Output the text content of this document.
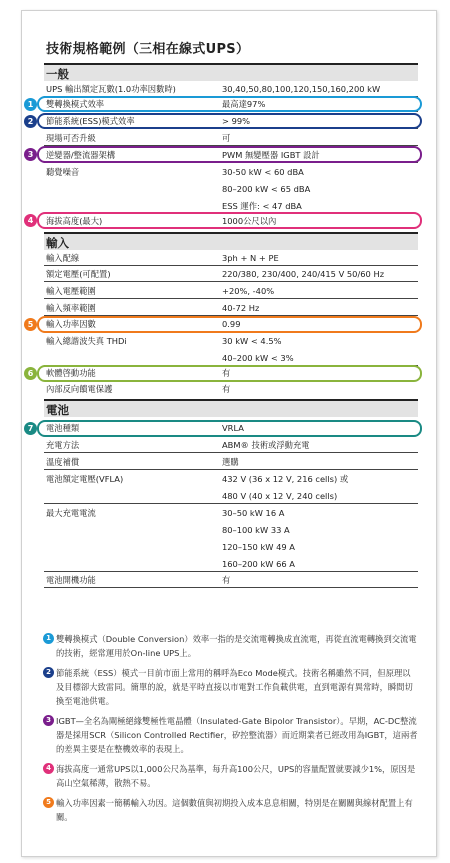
技術規格範例（三相在線式UPS）
一般
UPS 輸出額定瓦數(1.0功率因數時)	30,40,50,80,100,120,150,160,200 kW
雙轉換模式效率	最高達97%
節能系統(ESS)模式效率	> 99%
現場可否升級	可
逆變器/整流器架構	PWM 無變壓器 IGBT 設計
聽覺噪音	30-50 kW < 60 dBA
80–200 kW < 65 dBA
ESS 運作: < 47 dBA
海拔高度(最大)	1000公尺以內
輸入
輸入配線	3ph + N + PE
額定電壓(可配置)	220/380, 230/400, 240/415 V 50/60 Hz
輸入電壓範圍	+20%, -40%
輸入頻率範圍	40-72 Hz
輸入功率因數	0.99
輸入總諧波失真 THDi	30 kW < 4.5%
40–200 kW < 3%
軟體啓動功能	有
內部反向饋電保護	有
電池
電池種類	VRLA
充電方法	ABM® 技術或浮動充電
溫度補償	選購
電池額定電壓(VFLA)	432 V (36 x 12 V, 216 cells) 或
480 V (40 x 12 V, 240 cells)
最大充電電流	30–50 kW 16 A
80–100 kW 33 A
120–150 kW 49 A
160–200 kW 66 A
電池開機功能	有
1
2
3
4
5
6
7
1 雙轉換模式（Double Conversion）效率一指的是交流電轉換成直流電，再從直流電轉換到交流電的技術，經常運用於On-line UPS上。
2 節能系統（ESS）模式一目前市面上常用的稱呼為Eco Mode模式。技術名稱雖然不同，但原理以及目標卻大致雷同。簡單的說，就是平時直接以市電對工作負載供電，直到電源有異常時，瞬間切換至電池供電。
3 IGBT—全名為閘極絕緣雙極性電晶體（Insulated-Gate Bipolor Transistor）。早期，AC-DC整流器是採用SCR（Silicon Controlled Rectifier，矽控整流器）而近期業者已經改用為IGBT，這兩者的差異主要是在整機效率的表現上。
4 海拔高度一通常UPS以1,000公尺為基準，每升高100公尺，UPS的容量配置就要減少1%，原因是高山空氣稀薄，散熱不易。
5 輸入功率因素一簡稱輸入功因。這個數值與初期投入成本息息相關，特別是在關關與線材配置上有關。
